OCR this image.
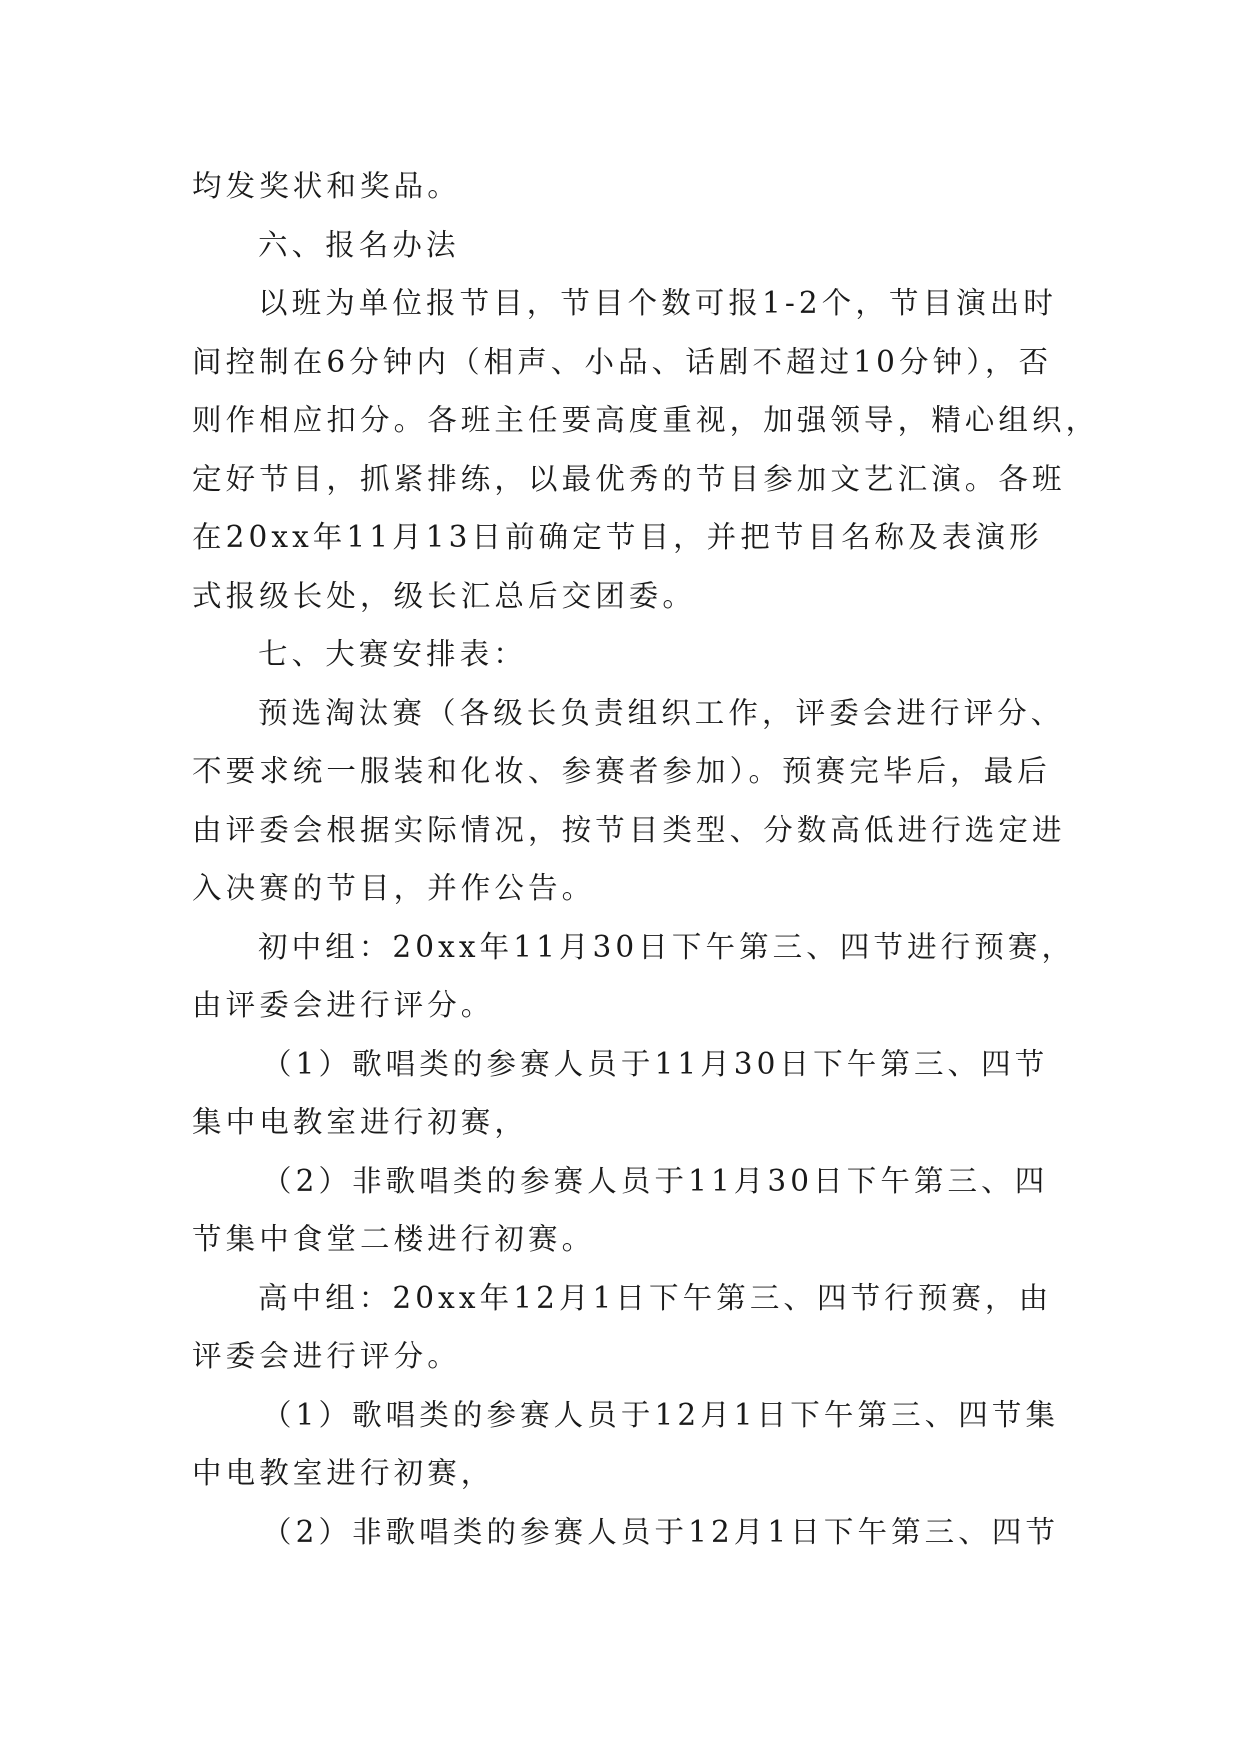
均发奖状和奖品。
六、报名办法
以班为单位报节目，节目个数可报1-2个，节目演出时
间控制在6分钟内（相声、小品、话剧不超过10分钟），否
则作相应扣分。各班主任要高度重视，加强领导，精心组织，
定好节目，抓紧排练，以最优秀的节目参加文艺汇演。各班
在20xx年11月13日前确定节目，并把节目名称及表演形
式报级长处，级长汇总后交团委。
七、大赛安排表：
预选淘汰赛（各级长负责组织工作，评委会进行评分、
不要求统一服装和化妆、参赛者参加）。预赛完毕后，最后
由评委会根据实际情况，按节目类型、分数高低进行选定进
入决赛的节目，并作公告。
初中组：20xx年11月30日下午第三、四节进行预赛，
由评委会进行评分。
（1）歌唱类的参赛人员于11月30日下午第三、四节
集中电教室进行初赛，
（2）非歌唱类的参赛人员于11月30日下午第三、四
节集中食堂二楼进行初赛。
高中组：20xx年12月1日下午第三、四节行预赛，由
评委会进行评分。
（1）歌唱类的参赛人员于12月1日下午第三、四节集
中电教室进行初赛，
（2）非歌唱类的参赛人员于12月1日下午第三、四节
